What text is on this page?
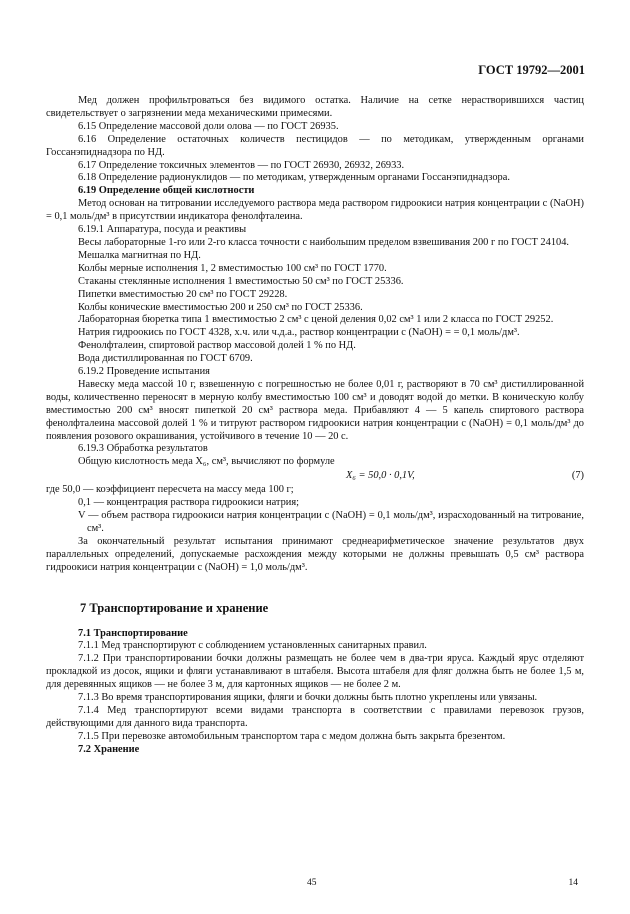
ГОСТ 19792—2001

Мед должен профильтроваться без видимого остатка. Наличие на сетке нерастворившихся частиц свидетельствует о загрязнении меда механическими примесями.

6.15 Определение массовой доли олова — по ГОСТ 26935.

6.16 Определение остаточных количеств пестицидов — по методикам, утвержденным органами Госсанэпиднадзора по НД.

6.17 Определение токсичных элементов — по ГОСТ 26930, 26932, 26933.

6.18 Определение радионуклидов — по методикам, утвержденным органами Госсанэпиднадзора.

6.19 Определение общей кислотности

Метод основан на титровании исследуемого раствора меда раствором гидроокиси натрия концентрации с (NaOH) = 0,1 моль/дм³ в присутствии индикатора фенолфталеина.

6.19.1 Аппаратура, посуда и реактивы

Весы лабораторные 1-го или 2-го класса точности с наибольшим пределом взвешивания 200 г по ГОСТ 24104.

Мешалка магнитная по НД.

Колбы мерные исполнения 1, 2 вместимостью 100 см³ по ГОСТ 1770.

Стаканы стеклянные исполнения 1 вместимостью 50 см³ по ГОСТ 25336.

Пипетки вместимостью 20 см³ по ГОСТ 29228.

Колбы конические вместимостью 200 и 250 см³ по ГОСТ 25336.

Лабораторная бюретка типа 1 вместимостью 2 см³ с ценой деления 0,02 см³ 1 или 2 класса по ГОСТ 29252.

Натрия гидроокись по ГОСТ 4328, х.ч. или ч.д.а., раствор концентрации с (NaOH) = = 0,1 моль/дм³.

Фенолфталеин, спиртовой раствор массовой долей 1 % по НД.

Вода дистиллированная по ГОСТ 6709.

6.19.2 Проведение испытания

Навеску меда массой 10 г, взвешенную с погрешностью не более 0,01 г, растворяют в 70 см³ дистиллированной воды, количественно переносят в мерную колбу вместимостью 100 см³ и доводят водой до метки. В коническую колбу вместимостью 200 см³ вносят пипеткой 20 см³ раствора меда. Прибавляют 4 — 5 капель спиртового раствора фенолфталеина массовой долей 1 % и титруют раствором гидроокиси натрия концентрации с (NaOH) = 0,1 моль/дм³ до появления розового окрашивания, устойчивого в течение 10 — 20 с.

6.19.3 Обработка результатов

Общую кислотность меда X₆, см³, вычисляют по формуле

X₆ = 50,0 · 0,1V,	(7)

где 50,0 — коэффициент пересчета на массу меда 100 г;

0,1 — концентрация раствора гидроокиси натрия;

V — объем раствора гидроокиси натрия концентрации с (NaOH) = 0,1 моль/дм³, израсходованный на титрование, см³.

За окончательный результат испытания принимают среднеарифметическое значение результатов двух параллельных определений, допускаемые расхождения между которыми не должны превышать 0,5 см³ раствора гидроокиси натрия концентрации с (NaOH) = 1,0 моль/дм³.

7 Транспортирование и хранение

7.1 Транспортирование

7.1.1 Мед транспортируют с соблюдением установленных санитарных правил.

7.1.2 При транспортировании бочки должны размещать не более чем в два-три яруса. Каждый ярус отделяют прокладкой из досок, ящики и фляги устанавливают в штабеля. Высота штабеля для фляг должна быть не более 1,5 м, для деревянных ящиков — не более 3 м, для картонных ящиков — не более 2 м.

7.1.3 Во время транспортирования ящики, фляги и бочки должны быть плотно укреплены или увязаны.

7.1.4 Мед транспортируют всеми видами транспорта в соответствии с правилами перевозок грузов, действующими для данного вида транспорта.

7.1.5 При перевозке автомобильным транспортом тара с медом должна быть закрыта брезентом.

7.2 Хранение

45	14
